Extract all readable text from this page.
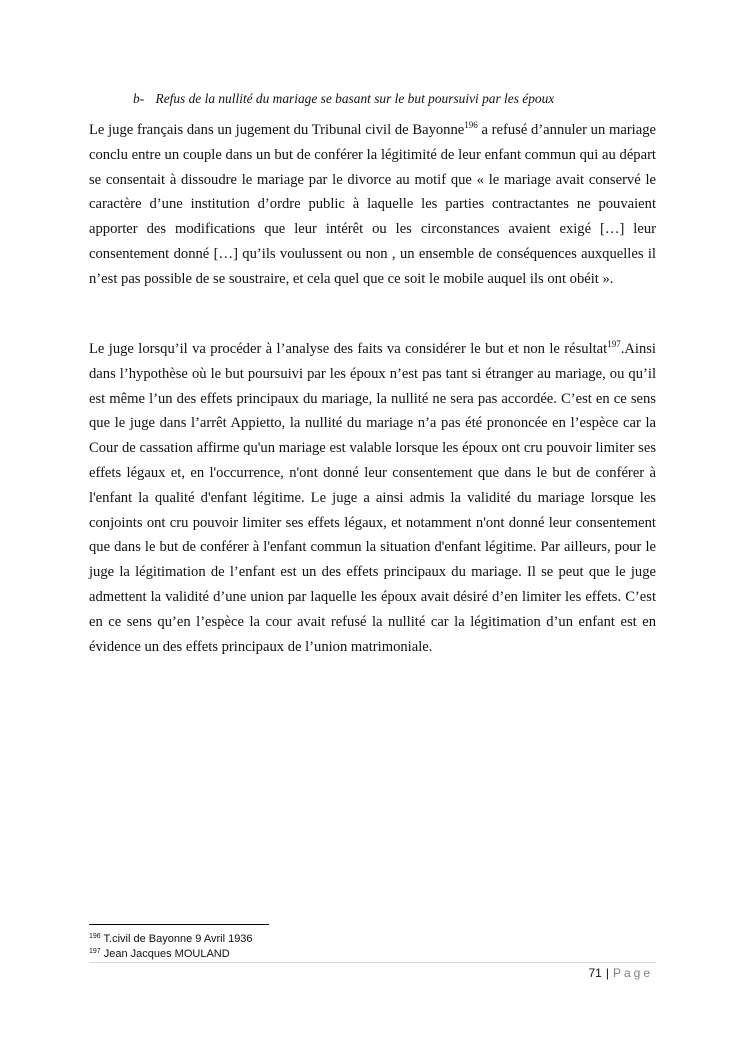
b- Refus de la nullité du mariage se basant sur le but poursuivi par les époux

Le juge français dans un jugement du Tribunal civil de Bayonne$^{196}$ a refusé d’annuler un mariage conclu entre un couple dans un but de conférer la légitimité de leur enfant commun qui au départ se consentait à dissoudre le mariage par le divorce au motif que « le mariage avait conservé le caractère d’une institution d’ordre public à laquelle les parties contractantes ne pouvaient apporter des modifications que leur intérêt ou les circonstances avaient exigé […] leur consentement donné […] qu’ils voulussent ou non , un ensemble de conséquences auxquelles il n’est pas possible de se soustraire, et cela quel que ce soit le mobile auquel ils ont obéit ».

Le juge lorsqu’il va procéder à l’analyse des faits va considérer le but et non le résultat$^{197}$.Ainsi dans l’hypothèse où le but poursuivi par les époux n’est pas tant si étranger au mariage, ou qu’il est même l’un des effets principaux du mariage, la nullité ne sera pas accordée. C’est en ce sens que le juge dans l’arrêt Appietto, la nullité du mariage n’a pas été prononcée en l’espèce car la Cour de cassation affirme qu'un mariage est valable lorsque les époux ont cru pouvoir limiter ses effets légaux et, en l'occurrence, n'ont donné leur consentement que dans le but de conférer à l'enfant la qualité d'enfant légitime. Le juge a ainsi admis la validité du mariage lorsque les conjoints ont cru pouvoir limiter ses effets légaux, et notamment n'ont donné leur consentement que dans le but de conférer à l'enfant commun la situation d'enfant légitime. Par ailleurs, pour le juge la légitimation de l’enfant est un des effets principaux du mariage. Il se peut que le juge admettent la validité d’une union par laquelle les époux avait désiré d’en limiter les effets. C’est en ce sens qu’en l’espèce la cour avait refusé la nullité car la légitimation d’un enfant est en évidence un des effets principaux de l’union matrimoniale.

$^{196}$ T.civil de Bayonne 9 Avril 1936
$^{197}$ Jean Jacques MOULAND
71 | Page
